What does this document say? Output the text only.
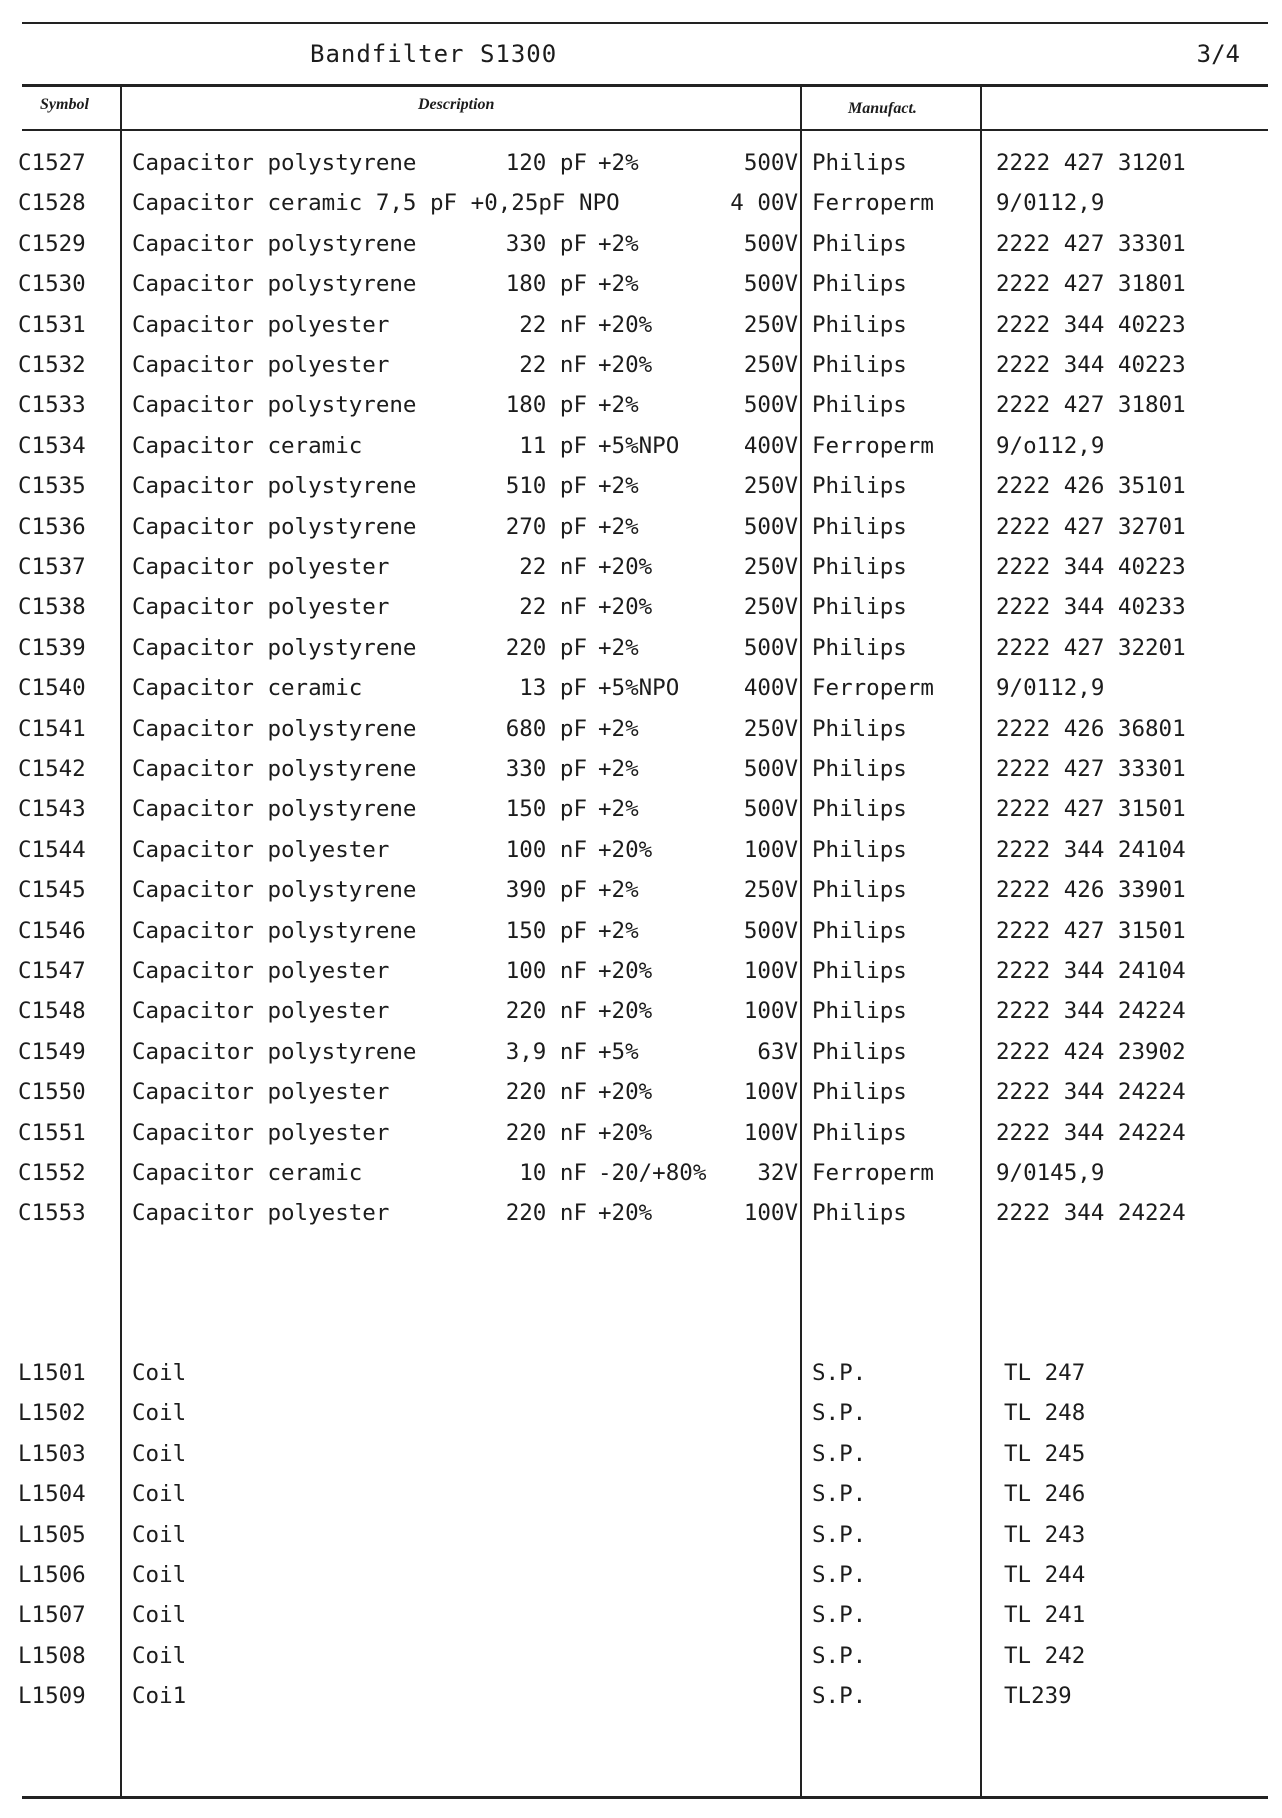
Bandfilter S1300	3/4
Symbol	Description	Manufact.
C1527 Capacitor polystyrene	120 pF +2%	500V Philips	2222 427 31201
C1528 Capacitor ceramic 7,5 pF +0,25pF NPO	4 00V Ferroperm	9/0112,9
C1529 Capacitor polystyrene	330 pF +2%	500V Philips	2222 427 33301
C1530 Capacitor polystyrene	180 pF +2%	500V Philips	2222 427 31801
C1531 Capacitor polyester	22 nF +20%	250V Philips	2222 344 40223
C1532 Capacitor polyester	22 nF +20%	250V Philips	2222 344 40223
C1533 Capacitor polystyrene	180 pF +2%	500V Philips	2222 427 31801
C1534 Capacitor ceramic	11 pF +5%NPO	400V Ferroperm	9/o112,9
C1535 Capacitor polystyrene	510 pF +2%	250V Philips	2222 426 35101
C1536 Capacitor polystyrene	270 pF +2%	500V Philips	2222 427 32701
C1537 Capacitor polyester	22 nF +20%	250V Philips	2222 344 40223
C1538 Capacitor polyester	22 nF +20%	250V Philips	2222 344 40233
C1539 Capacitor polystyrene	220 pF +2%	500V Philips	2222 427 32201
C1540 Capacitor ceramic	13 pF +5%NPO	400V Ferroperm	9/0112,9
C1541 Capacitor polystyrene	680 pF +2%	250V Philips	2222 426 36801
C1542 Capacitor polystyrene	330 pF +2%	500V Philips	2222 427 33301
C1543 Capacitor polystyrene	150 pF +2%	500V Philips	2222 427 31501
C1544 Capacitor polyester	100 nF +20%	100V Philips	2222 344 24104
C1545 Capacitor polystyrene	390 pF +2%	250V Philips	2222 426 33901
C1546 Capacitor polystyrene	150 pF +2%	500V Philips	2222 427 31501
C1547 Capacitor polyester	100 nF +20%	100V Philips	2222 344 24104
C1548 Capacitor polyester	220 nF +20%	100V Philips	2222 344 24224
C1549 Capacitor polystyrene	3,9 nF +5%	63V Philips	2222 424 23902
C1550 Capacitor polyester	220 nF +20%	100V Philips	2222 344 24224
C1551 Capacitor polyester	220 nF +20%	100V Philips	2222 344 24224
C1552 Capacitor ceramic	10 nF -20/+80%	32V Ferroperm	9/0145,9
C1553 Capacitor polyester	220 nF +20%	100V Philips	2222 344 24224
L1501 Coil	S.P.	TL 247
L1502 Coil	S.P.	TL 248
L1503 Coil	S.P.	TL 245
L1504 Coil	S.P.	TL 246
L1505 Coil	S.P.	TL 243
L1506 Coil	S.P.	TL 244
L1507 Coil	S.P.	TL 241
L1508 Coil	S.P.	TL 242
L1509 Coi1	S.P.	TL239
